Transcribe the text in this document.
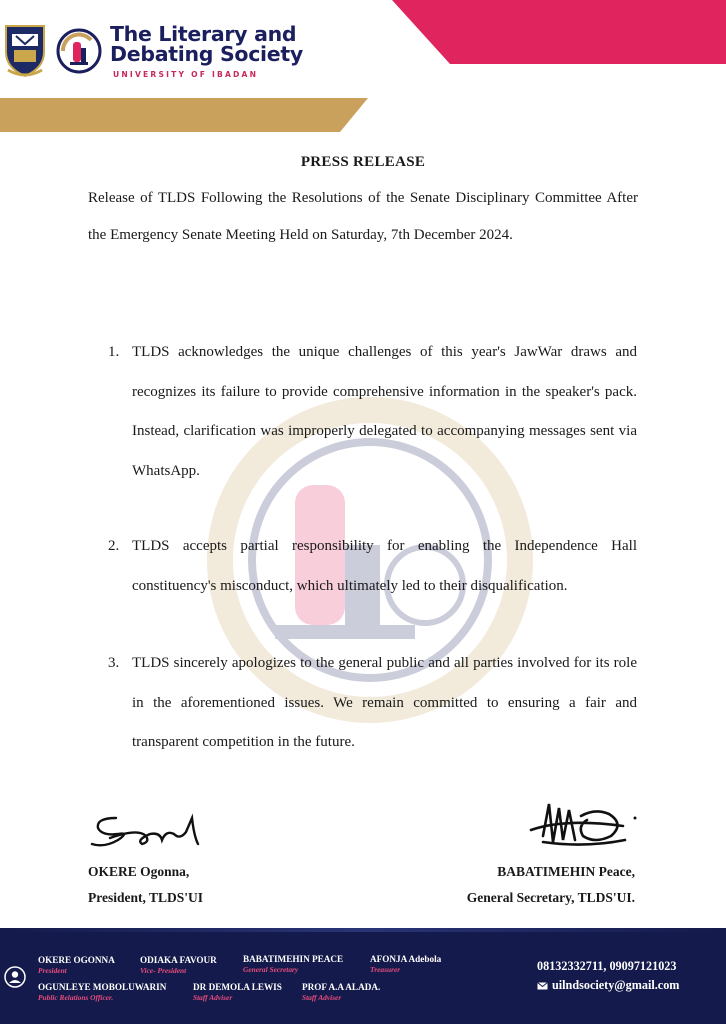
The Literary and
Debating Society
UNIVERSITY OF IBADAN
PRESS RELEASE
Release of TLDS Following the Resolutions of the Senate Disciplinary Committee After the Emergency Senate Meeting Held on Saturday, 7th December 2024.
1. TLDS acknowledges the unique challenges of this year's JawWar draws and recognizes its failure to provide comprehensive information in the speaker's pack. Instead, clarification was improperly delegated to accompanying messages sent via WhatsApp.
2. TLDS accepts partial responsibility for enabling the Independence Hall constituency's misconduct, which ultimately led to their disqualification.
3. TLDS sincerely apologizes to the general public and all parties involved for its role in the aforementioned issues. We remain committed to ensuring a fair and transparent competition in the future.
OKERE Ogonna,
President, TLDS'UI
BABATIMEHIN Peace,
General Secretary, TLDS'UI.
OKERE OGONNA
President
ODIAKA FAVOUR
Vice- President
BABATIMEHIN PEACE
General Secretary
AFONJA Adebola
Treasurer
OGUNLEYE MOBOLUWARIN
Public Relations Officer.
DR DEMOLA LEWIS
Staff Adviser
PROF A.A ALADA.
Staff Adviser
08132332711, 09097121023
uilndsociety@gmail.com
